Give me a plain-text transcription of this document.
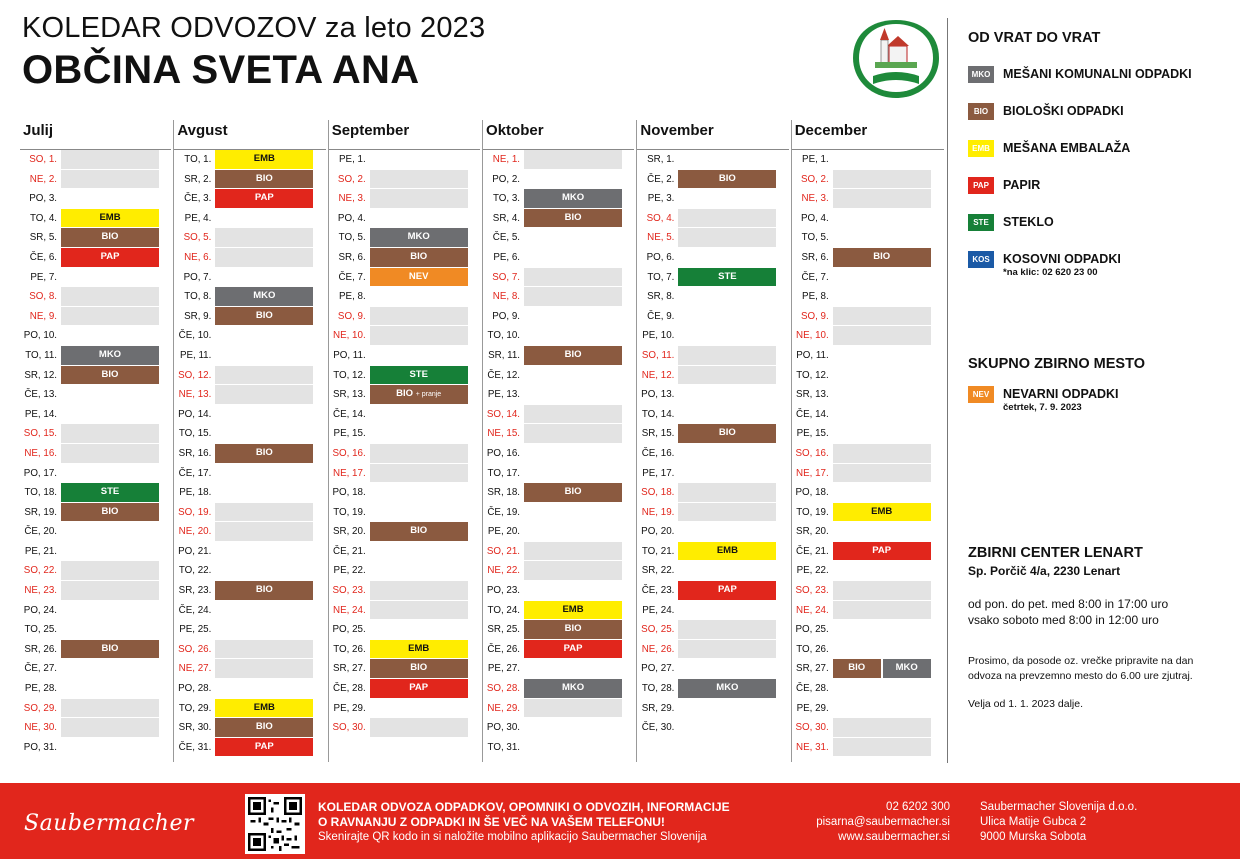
KOLEDAR ODVOZOV za leto 2023
OBČINA SVETA ANA	Sv. Ana
Julij
SO, 1.
NE, 2.
PO, 3.
TO, 4.	EMB
SR, 5.	BIO
ČE, 6.	PAP
PE, 7.
SO, 8.
NE, 9.
PO, 10.
TO, 11.	MKO
SR, 12.	BIO
ČE, 13.
PE, 14.
SO, 15.
NE, 16.
PO, 17.
TO, 18.	STE
SR, 19.	BIO
ČE, 20.
PE, 21.
SO, 22.
NE, 23.
PO, 24.
TO, 25.
SR, 26.	BIO
ČE, 27.
PE, 28.
SO, 29.
NE, 30.
PO, 31.
Avgust
TO, 1.	EMB
SR, 2.	BIO
ČE, 3.	PAP
PE, 4.
SO, 5.
NE, 6.
PO, 7.
TO, 8.	MKO
SR, 9.	BIO
ČE, 10.
PE, 11.
SO, 12.
NE, 13.
PO, 14.
TO, 15.
SR, 16.	BIO
ČE, 17.
PE, 18.
SO, 19.
NE, 20.
PO, 21.
TO, 22.
SR, 23.	BIO
ČE, 24.
PE, 25.
SO, 26.
NE, 27.
PO, 28.
TO, 29.	EMB
SR, 30.	BIO
ČE, 31.	PAP
September
PE, 1.
SO, 2.
NE, 3.
PO, 4.
TO, 5.	MKO
SR, 6.	BIO
ČE, 7.	NEV
PE, 8.
SO, 9.
NE, 10.
PO, 11.
TO, 12.	STE
SR, 13.	BIO + pranje
ČE, 14.
PE, 15.
SO, 16.
NE, 17.
PO, 18.
TO, 19.
SR, 20.	BIO
ČE, 21.
PE, 22.
SO, 23.
NE, 24.
PO, 25.
TO, 26.	EMB
SR, 27.	BIO
ČE, 28.	PAP
PE, 29.
SO, 30.
Oktober
NE, 1.
PO, 2.
TO, 3.	MKO
SR, 4.	BIO
ČE, 5.
PE, 6.
SO, 7.
NE, 8.
PO, 9.
TO, 10.
SR, 11.	BIO
ČE, 12.
PE, 13.
SO, 14.
NE, 15.
PO, 16.
TO, 17.
SR, 18.	BIO
ČE, 19.
PE, 20.
SO, 21.
NE, 22.
PO, 23.
TO, 24.	EMB
SR, 25.	BIO
ČE, 26.	PAP
PE, 27.
SO, 28.	MKO
NE, 29.
PO, 30.
TO, 31.
November
SR, 1.
ČE, 2.	BIO
PE, 3.
SO, 4.
NE, 5.
PO, 6.
TO, 7.	STE
SR, 8.
ČE, 9.
PE, 10.
SO, 11.
NE, 12.
PO, 13.
TO, 14.
SR, 15.	BIO
ČE, 16.
PE, 17.
SO, 18.
NE, 19.
PO, 20.
TO, 21.	EMB
SR, 22.
ČE, 23.	PAP
PE, 24.
SO, 25.
NE, 26.
PO, 27.
TO, 28.	MKO
SR, 29.
ČE, 30.
December
PE, 1.
SO, 2.
NE, 3.
PO, 4.
TO, 5.
SR, 6.	BIO
ČE, 7.
PE, 8.
SO, 9.
NE, 10.
PO, 11.
TO, 12.
SR, 13.
ČE, 14.
PE, 15.
SO, 16.
NE, 17.
PO, 18.
TO, 19.	EMB
SR, 20.
ČE, 21.	PAP
PE, 22.
SO, 23.
NE, 24.
PO, 25.
TO, 26.
SR, 27.	BIO	MKO
ČE, 28.
PE, 29.
SO, 30.
NE, 31.
OD VRAT DO VRAT
MKO MEŠANI KOMUNALNI ODPADKI
BIO	BIOLOŠKI ODPADKI
EMB	MEŠANA EMBALAŽA
PAP	PAPIR
STE	STEKLO
KOS	KOSOVNI ODPADKI
*na klic: 02 620 23 00
SKUPNO ZBIRNO MESTO
NEV	NEVARNI ODPADKI
četrtek, 7. 9. 2023
ZBIRNI CENTER LENART
Sp. Porčič 4/a, 2230 Lenart

od pon. do pet. med 8:00 in 17:00 uro

vsako soboto med 8:00 in 12:00 uro

Prosimo, da posode oz. vrečke pripravite na dan odvoza na prevzemno mesto do 6.00 ure zjutraj.

Velja od 1. 1. 2023 dalje.

Saubermacher
KOLEDAR ODVOZA ODPADKOV, OPOMNIKI O ODVOZIH, INFORMACIJE
O RAVNANJU Z ODPADKI IN ŠE VEČ NA VAŠEM TELEFONU!
Skenirajte QR kodo in si naložite mobilno aplikacijo Saubermacher Slovenija
02 6202 300
pisarna@saubermacher.si
www.saubermacher.si
Saubermacher Slovenija d.o.o.
Ulica Matije Gubca 2
9000 Murska Sobota
